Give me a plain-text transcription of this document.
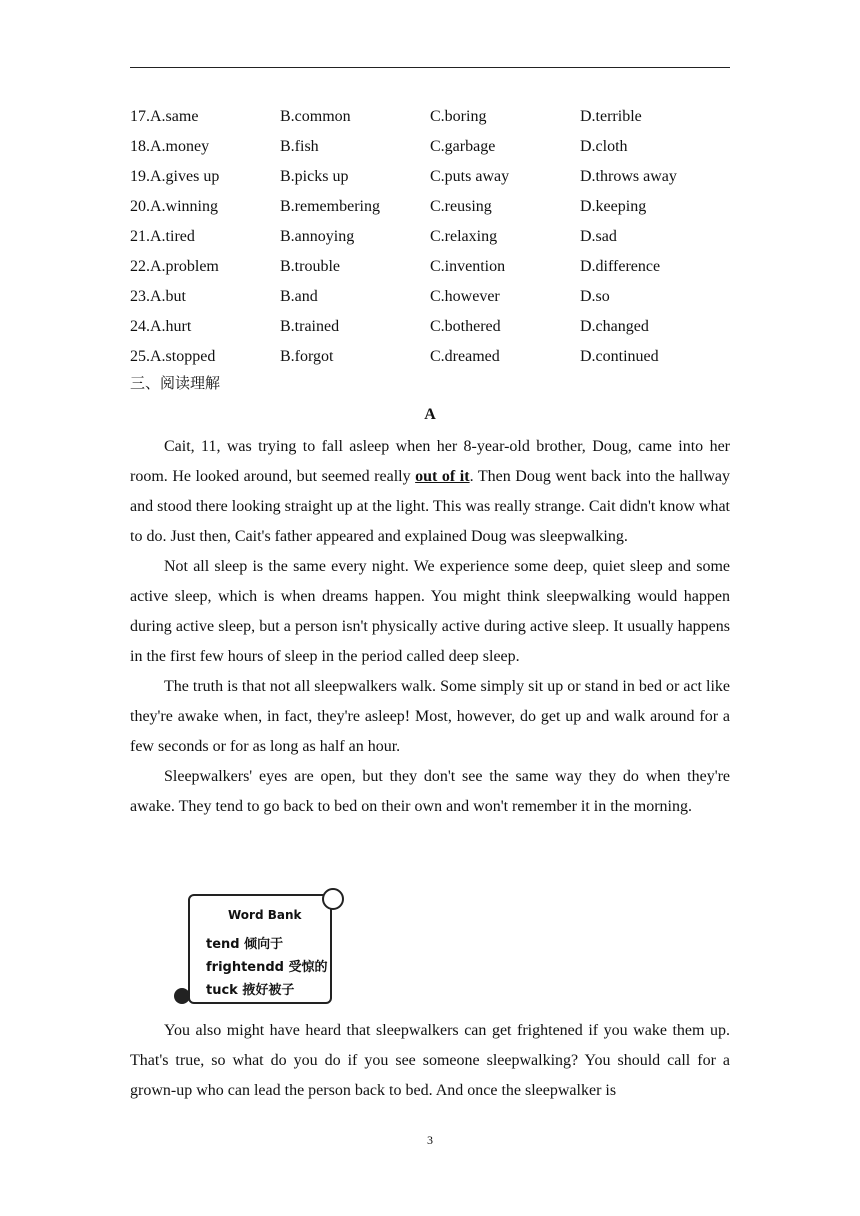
17.A.same	B.common	C.boring	D.terrible
18.A.money	B.fish	C.garbage	D.cloth
19.A.gives up	B.picks up	C.puts away	D.throws away
20.A.winning	B.remembering	C.reusing	D.keeping
21.A.tired	B.annoying	C.relaxing	D.sad
22.A.problem	B.trouble	C.invention	D.difference
23.A.but	B.and	C.however	D.so
24.A.hurt	B.trained	C.bothered	D.changed
25.A.stopped	B.forgot	C.dreamed	D.continued
三、阅读理解
A

Cait, 11, was trying to fall asleep when her 8-year-old brother, Doug, came into her room. He looked around, but seemed really out of it. Then Doug went back into the hallway and stood there looking straight up at the light. This was really strange. Cait didn't know what to do. Just then, Cait's father appeared and explained Doug was sleepwalking.

Not all sleep is the same every night. We experience some deep, quiet sleep and some active sleep, which is when dreams happen. You might think sleepwalking would happen during active sleep, but a person isn't physically active during active sleep. It usually happens in the first few hours of sleep in the period called deep sleep.

The truth is that not all sleepwalkers walk. Some simply sit up or stand in bed or act like they're awake when, in fact, they're asleep! Most, however, do get up and walk around for a few seconds or for as long as half an hour.

Sleepwalkers' eyes are open, but they don't see the same way they do when they're awake. They tend to go back to bed on their own and won't remember it in the morning.

Word Bank
tend 倾向于
frightendd 受惊的
tuck 掖好被子

You also might have heard that sleepwalkers can get frightened if you wake them up. That's true, so what do you do if you see someone sleepwalking? You should call for a grown-up who can lead the person back to bed. And once the sleepwalker is

3
